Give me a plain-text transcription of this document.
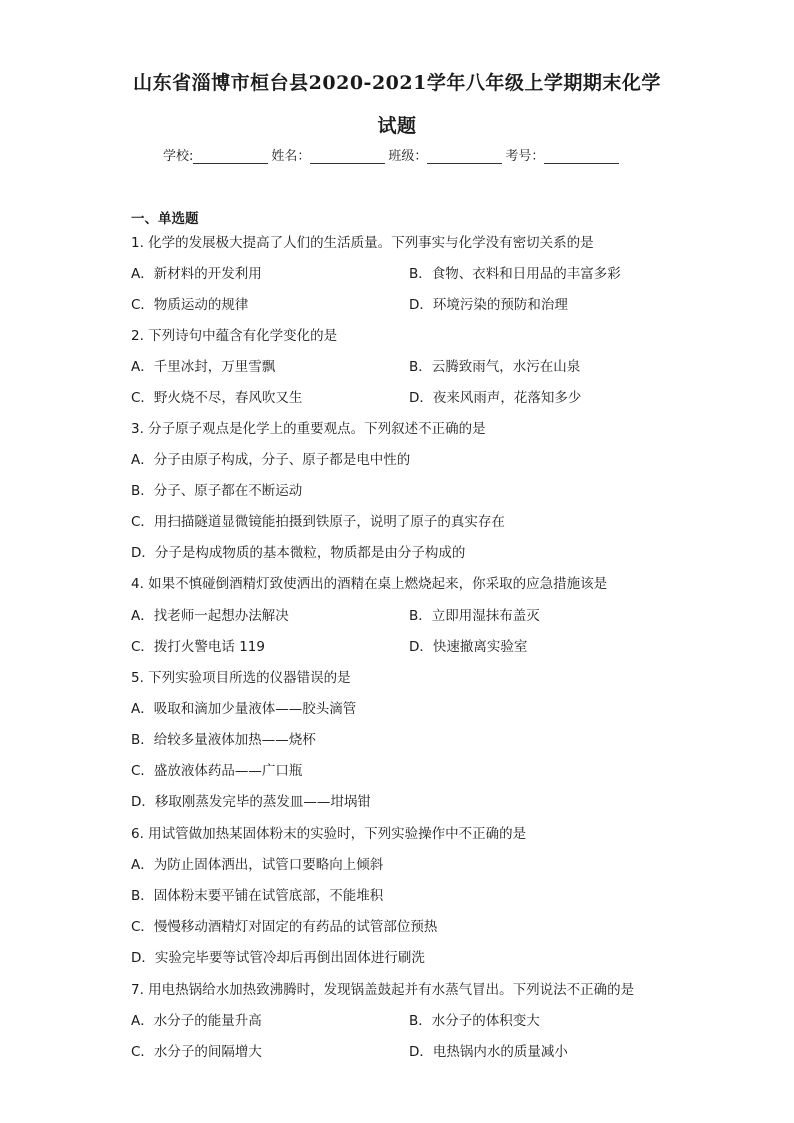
山东省淄博市桓台县2020-2021学年八年级上学期期末化学
试题
学校:	姓名：	班级：	考号：
一、单选题
1. 化学的发展极大提高了人们的生活质量。下列事实与化学没有密切关系的是
A．新材料的开发利用	B．食物、衣料和日用品的丰富多彩
C．物质运动的规律	D．环境污染的预防和治理
2. 下列诗句中蕴含有化学变化的是
A．千里冰封，万里雪飘	B．云腾致雨气，水污在山泉
C．野火烧不尽，春风吹又生	D．夜来风雨声，花落知多少
3. 分子原子观点是化学上的重要观点。下列叙述不正确的是
A．分子由原子构成，分子、原子都是电中性的
B．分子、原子都在不断运动
C．用扫描隧道显微镜能拍摄到铁原子，说明了原子的真实存在
D．分子是构成物质的基本微粒，物质都是由分子构成的
4. 如果不慎碰倒酒精灯致使洒出的酒精在桌上燃烧起来，你采取的应急措施该是
A．找老师一起想办法解决	B．立即用湿抹布盖灭
C．拨打火警电话 119	D．快速撤离实验室
5. 下列实验项目所选的仪器错误的是
A．吸取和滴加少量液体——胶头滴管
B．给较多量液体加热——烧杯
C．盛放液体药品——广口瓶
D．移取刚蒸发完毕的蒸发皿——坩埚钳
6. 用试管做加热某固体粉末的实验时，下列实验操作中不正确的是
A．为防止固体洒出，试管口要略向上倾斜
B．固体粉末要平铺在试管底部，不能堆积
C．慢慢移动酒精灯对固定的有药品的试管部位预热
D．实验完毕要等试管冷却后再倒出固体进行刷洗
7. 用电热锅给水加热致沸腾时，发现锅盖鼓起并有水蒸气冒出。下列说法不正确的是
A．水分子的能量升高	B．水分子的体积变大
C．水分子的间隔增大	D．电热锅内水的质量减小
